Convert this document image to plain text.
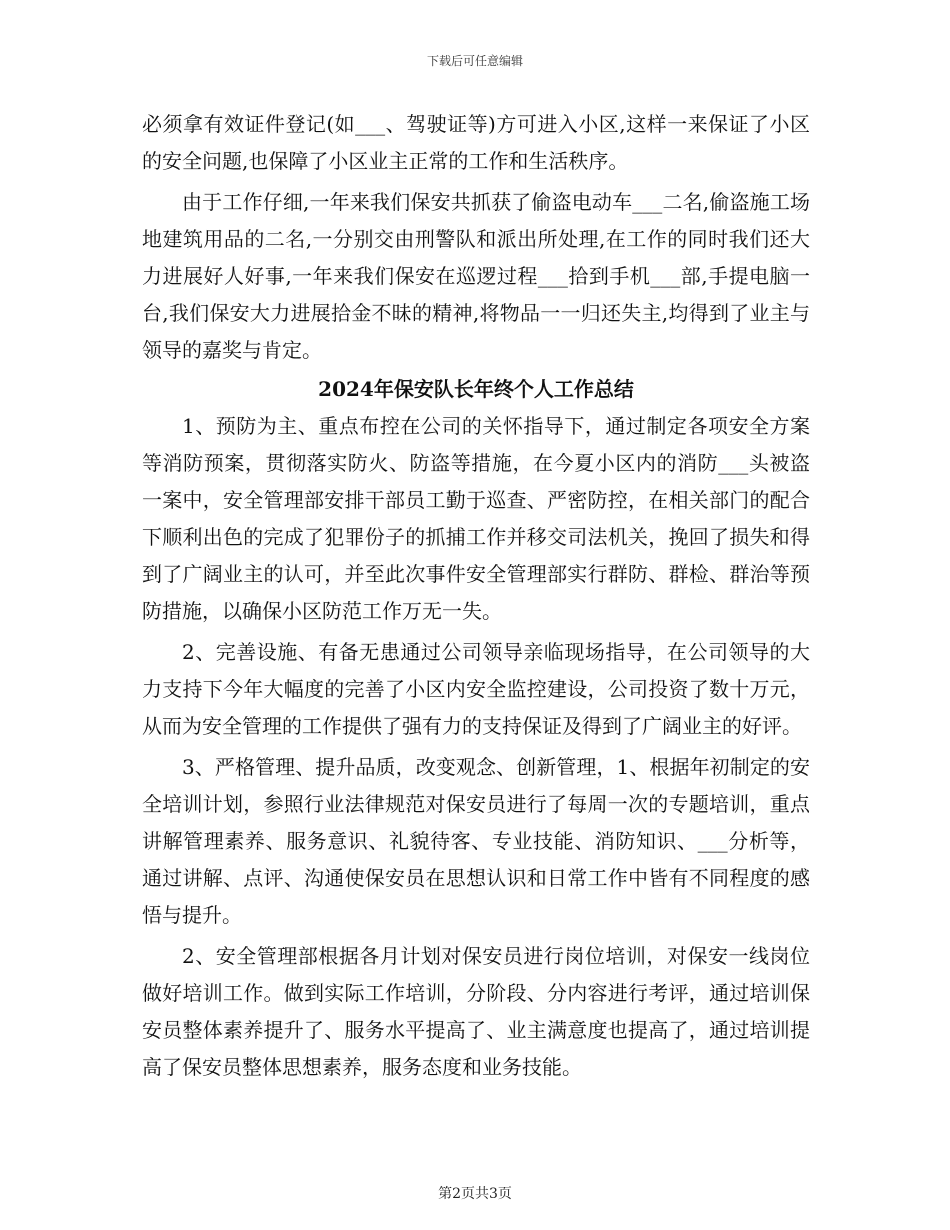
下载后可任意编辑

必须拿有效证件登记(如___、驾驶证等)方可进入小区,这样一来保证了小区的安全问题,也保障了小区业主正常的工作和生活秩序。

由于工作仔细,一年来我们保安共抓获了偷盗电动车___二名,偷盗施工场地建筑用品的二名,一分别交由刑警队和派出所处理,在工作的同时我们还大力进展好人好事,一年来我们保安在巡逻过程___拾到手机___部,手提电脑一台,我们保安大力进展拾金不昧的精神,将物品一一归还失主,均得到了业主与领导的嘉奖与肯定。

2024年保安队长年终个人工作总结

1、预防为主、重点布控在公司的关怀指导下，通过制定各项安全方案等消防预案，贯彻落实防火、防盗等措施，在今夏小区内的消防___头被盗一案中，安全管理部安排干部员工勤于巡查、严密防控，在相关部门的配合下顺利出色的完成了犯罪份子的抓捕工作并移交司法机关，挽回了损失和得到了广阔业主的认可，并至此次事件安全管理部实行群防、群检、群治等预防措施，以确保小区防范工作万无一失。

2、完善设施、有备无患通过公司领导亲临现场指导，在公司领导的大力支持下今年大幅度的完善了小区内安全监控建设，公司投资了数十万元，从而为安全管理的工作提供了强有力的支持保证及得到了广阔业主的好评。

3、严格管理、提升品质，改变观念、创新管理，1、根据年初制定的安全培训计划，参照行业法律规范对保安员进行了每周一次的专题培训，重点讲解管理素养、服务意识、礼貌待客、专业技能、消防知识、___分析等，通过讲解、点评、沟通使保安员在思想认识和日常工作中皆有不同程度的感悟与提升。

2、安全管理部根据各月计划对保安员进行岗位培训，对保安一线岗位做好培训工作。做到实际工作培训，分阶段、分内容进行考评，通过培训保安员整体素养提升了、服务水平提高了、业主满意度也提高了，通过培训提高了保安员整体思想素养，服务态度和业务技能。

第2页共3页
